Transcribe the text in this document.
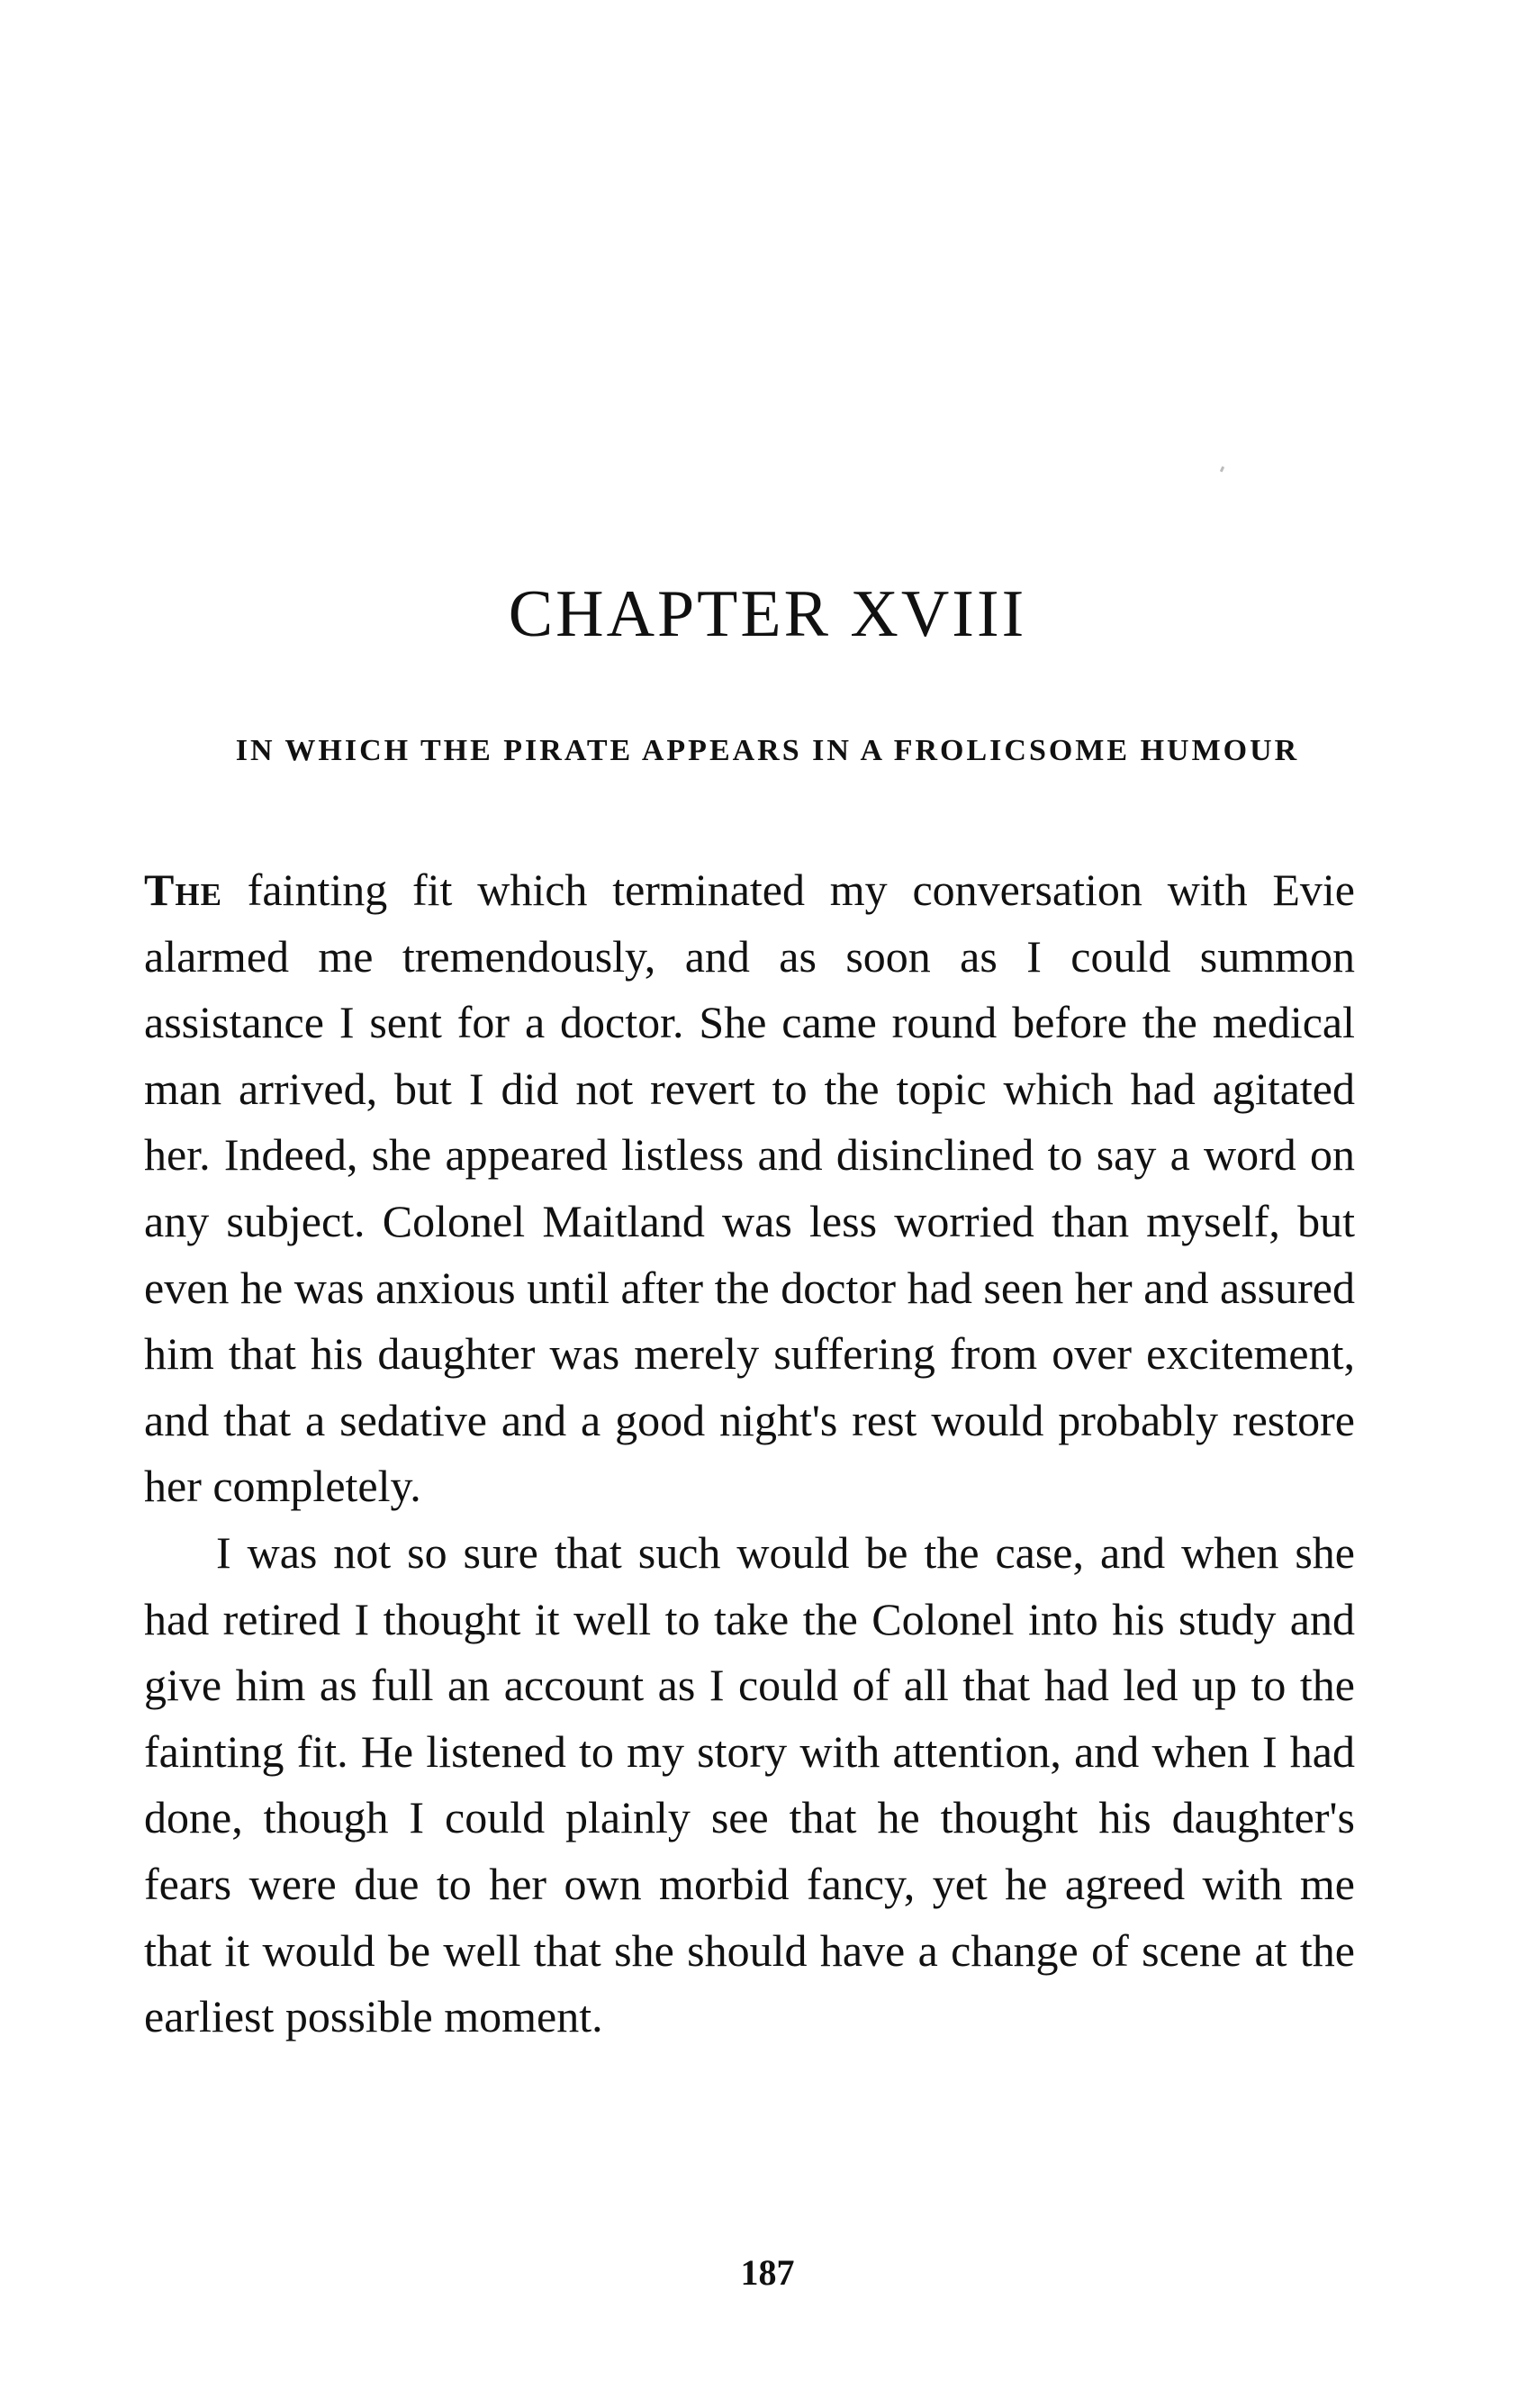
CHAPTER XVIII
IN WHICH THE PIRATE APPEARS IN A FROLICSOME HUMOUR

The fainting fit which terminated my conversation with Evie alarmed me tremendously, and as soon as I could summon assistance I sent for a doctor. She came round before the medical man arrived, but I did not revert to the topic which had agitated her. Indeed, she appeared listless and disinclined to say a word on any subject. Colonel Maitland was less worried than myself, but even he was anxious until after the doctor had seen her and assured him that his daughter was merely suffering from over excitement, and that a sedative and a good night's rest would probably restore her completely.

I was not so sure that such would be the case, and when she had retired I thought it well to take the Colonel into his study and give him as full an account as I could of all that had led up to the fainting fit. He listened to my story with attention, and when I had done, though I could plainly see that he thought his daughter's fears were due to her own morbid fancy, yet he agreed with me that it would be well that she should have a change of scene at the earliest possible moment.

187
